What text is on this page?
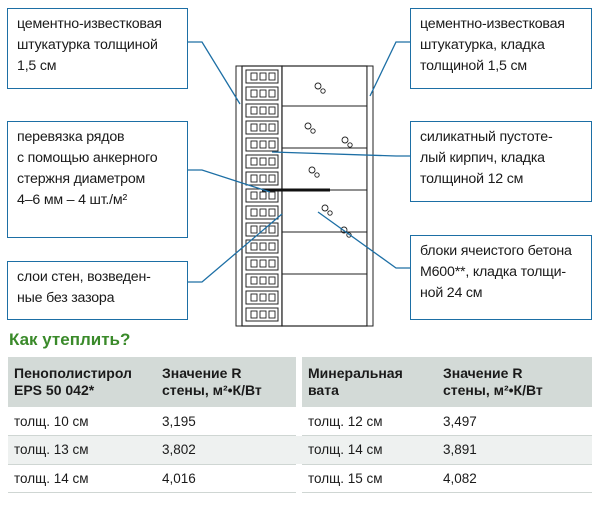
цементно-известковая
штукатурка толщиной
1,5 см
перевязка рядов
с помощью анкерного
стержня диаметром
4–6 мм – 4 шт./м²
слои стен, возведен-
ные без зазора
цементно-известковая
штукатурка, кладка
толщиной 1,5 см
силикатный пустоте-
лый кирпич, кладка
толщиной 12 см
блоки ячеистого бетона
М600**, кладка толщи-
ной 24 см
Как утеплить?
Пенополистирол
EPS 50 042*	Значение R
стены, м²•К/Вт		Минеральная
вата	Значение R
стены, м²•К/Вт
толщ. 10 см	3,195		толщ. 12 см	3,497
толщ. 13 см	3,802		толщ. 14 см	3,891
толщ. 14 см	4,016		толщ. 15 см	4,082
